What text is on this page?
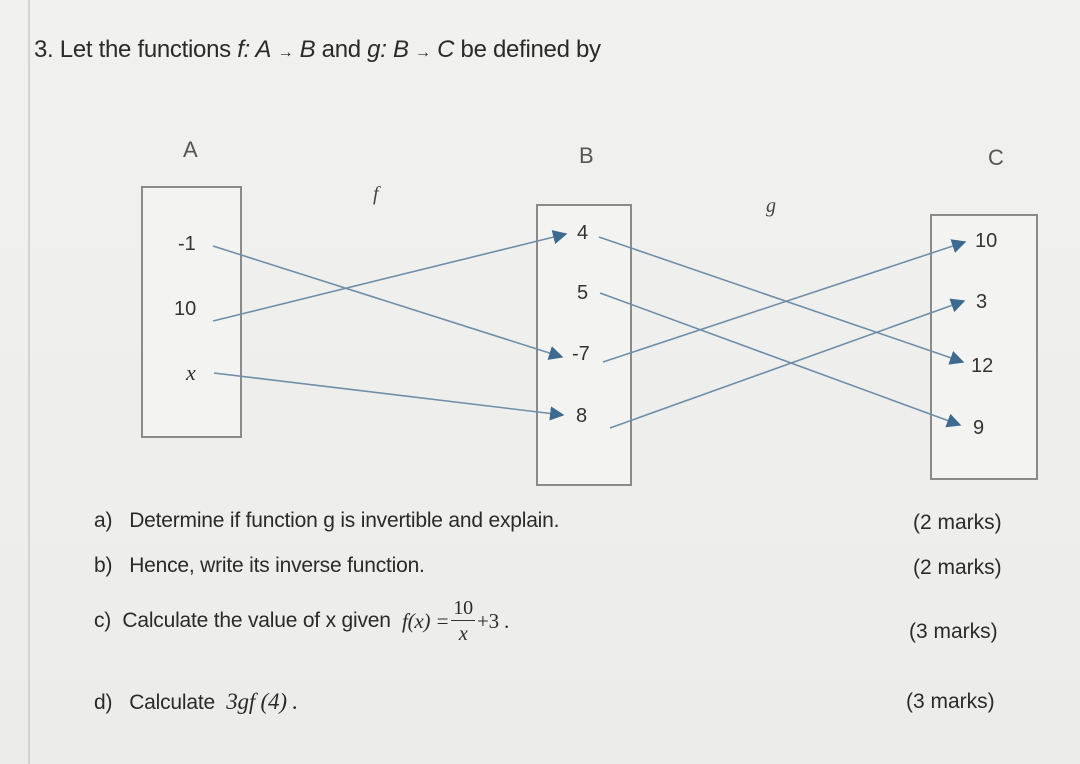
3. Let the functions f: A → B and g: B → C be defined by
A	B	C
f
g
-1
10
x
4
5
-7
8
10
3
12
9
a) Determine if function g is invertible and explain.	(2 marks)
b) Hence, write its inverse function.	(2 marks)
c)
Calculate the value of x given
$f(x) = \frac{10}{x} +3$ .	(3 marks)
d) Calculate 3gf (4) .	(3 marks)
